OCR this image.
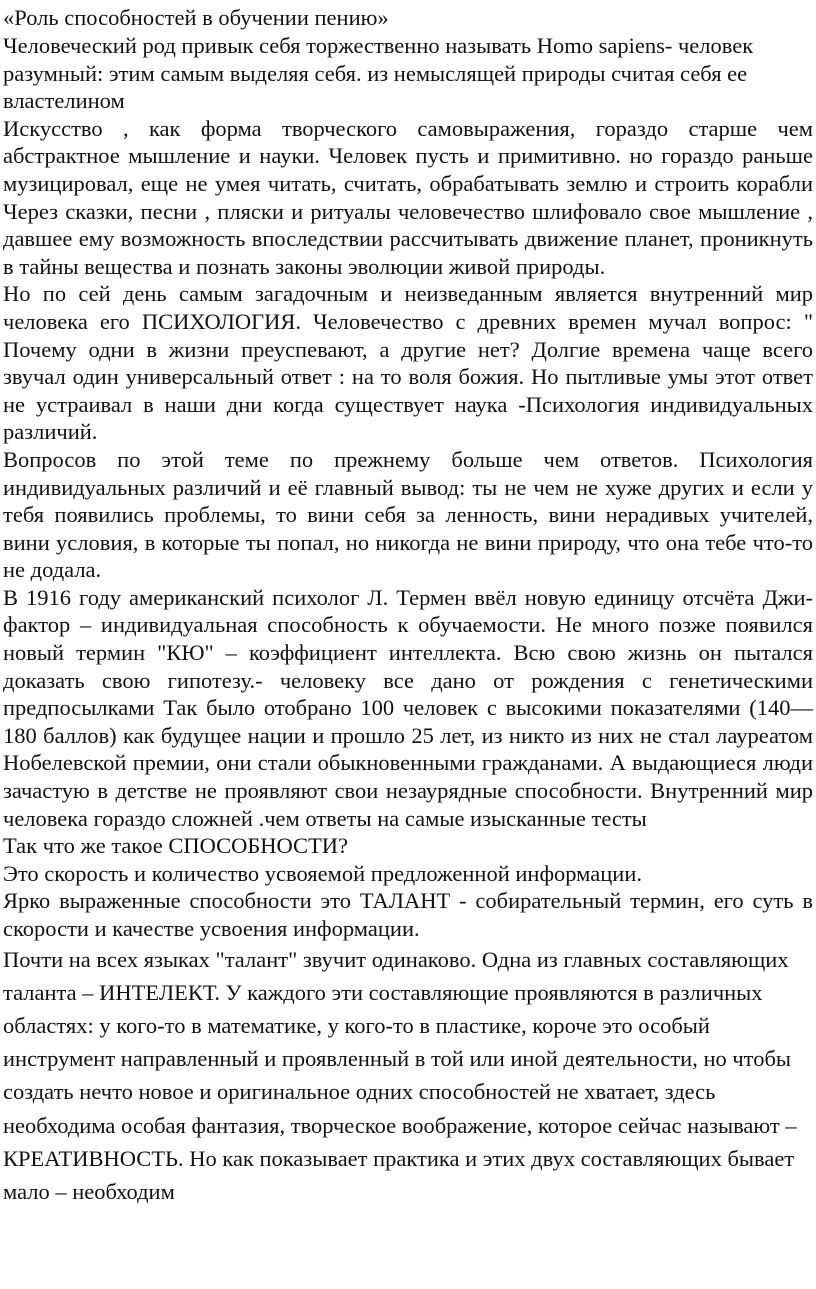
«Роль способностей в обучении пению»

Человеческий род привык себя торжественно называть Homo sapiens- человек разумный: этим самым выделяя себя. из немыслящей природы считая себя ее властелином

Искусство , как форма творческого самовыражения, гораздо старше чем абстрактное мышление и науки. Человек пусть и примитивно. но гораздо раньше музицировал, еще не умея читать, считать, обрабатывать землю и строить корабли Через сказки, песни , пляски и ритуалы человечество шлифовало свое мышление , давшее ему возможность впоследствии рассчитывать движение планет, проникнуть в тайны вещества и познать законы эволюции живой природы.

Но по сей день самым загадочным и неизведанным является внутренний мир человека его ПСИХОЛОГИЯ. Человечество с древних времен мучал вопрос: " Почему одни в жизни преуспевают, а другие нет? Долгие времена чаще всего звучал один универсальный ответ : на то воля божия. Но пытливые умы этот ответ не устраивал в наши дни когда существует наука -Психология индивидуальных различий.

Вопросов по этой теме по прежнему больше чем ответов. Психология индивидуальных различий и её главный вывод: ты не чем не хуже других и если у тебя появились проблемы, то вини себя за ленность, вини нерадивых учителей, вини условия, в которые ты попал, но никогда не вини природу, что она тебе что-то не додала.

В 1916 году американский психолог Л. Термен ввёл новую единицу отсчёта Джи-фактор – индивидуальная способность к обучаемости. Не много позже появился новый термин "КЮ" – коэффициент интеллекта. Всю свою жизнь он пытался доказать свою гипотезу.- человеку все дано от рождения с генетическими предпосылками Так было отобрано 100 человек с высокими показателями (140—180 баллов) как будущее нации и прошло 25 лет, из никто из них не стал лауреатом Нобелевской премии, они стали обыкновенными гражданами. А выдающиеся люди зачастую в детстве не проявляют свои незаурядные способности. Внутренний мир человека гораздо сложней .чем ответы на самые изысканные тесты

Так что же такое СПОСОБНОСТИ?

Это скорость и количество усвояемой предложенной информации.

Ярко выраженные способности это ТАЛАНТ - собирательный термин, его суть в скорости и качестве усвоения информации.

Почти на всех языках "талант" звучит одинаково. Одна из главных составляющих таланта – ИНТЕЛЕКТ. У каждого эти составляющие проявляются в различных областях: у кого-то в математике, у кого-то в пластике, короче это особый инструмент направленный и проявленный в той или иной деятельности, но чтобы создать нечто новое и оригинальное одних способностей не хватает, здесь необходима особая фантазия, творческое воображение, которое сейчас называют – КРЕАТИВНОСТЬ. Но как показывает практика и этих двух составляющих бывает мало – необходим
